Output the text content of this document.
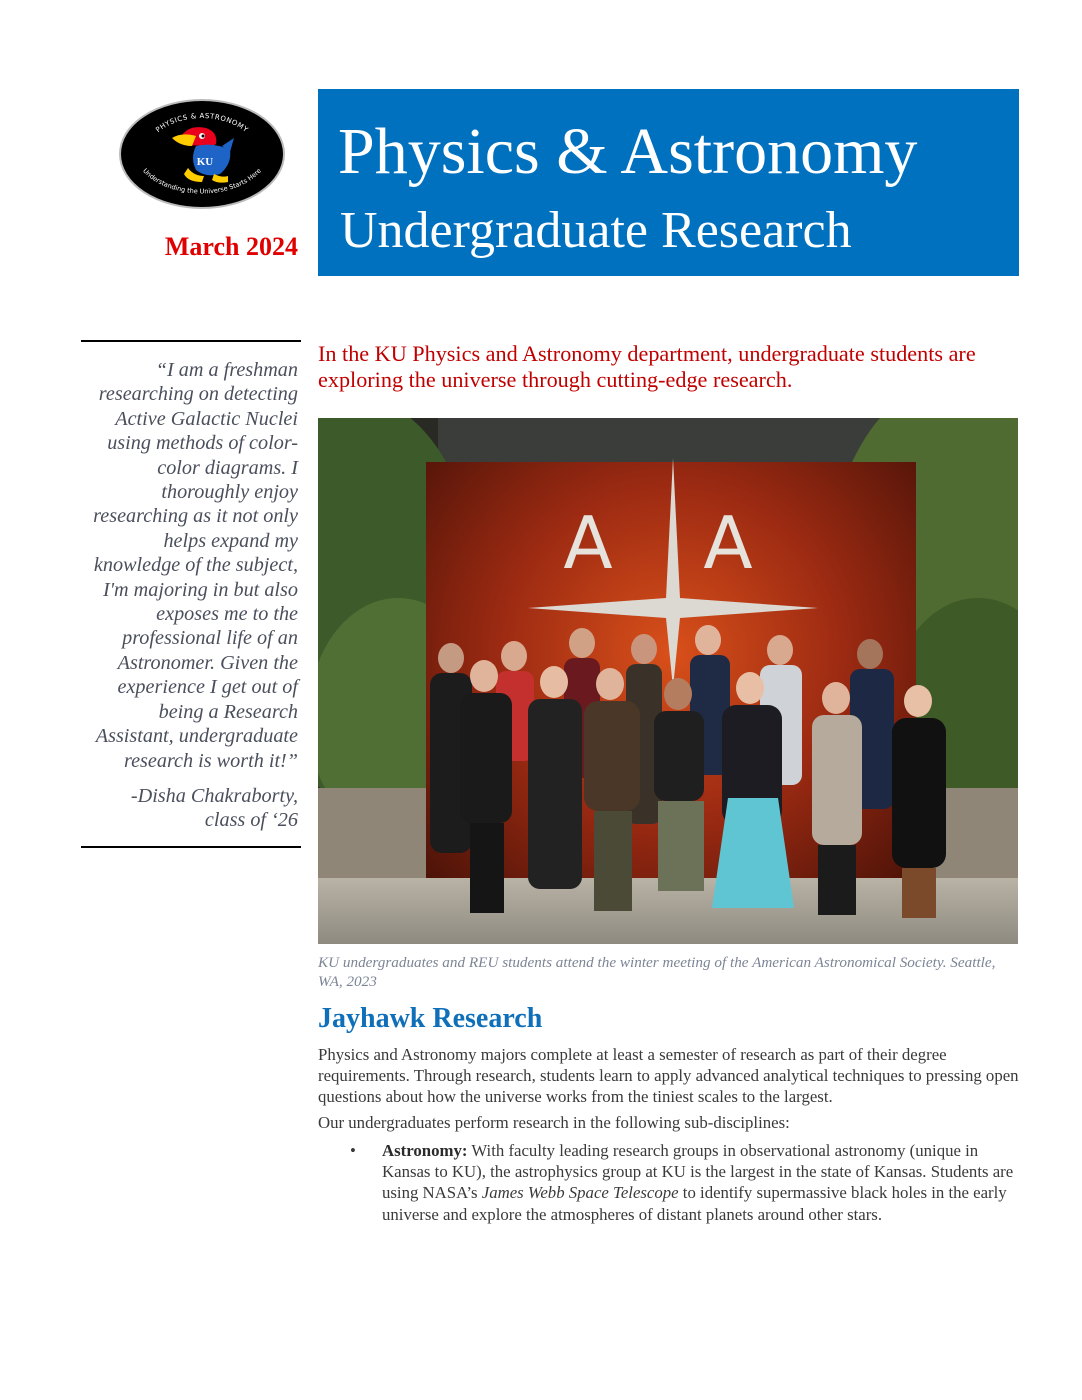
PHYSICS & ASTRONOMY
Understanding the Universe Starts Here
KU
March 2024
Physics & Astronomy
Undergraduate Research
“I am a freshman researching on detecting Active Galactic Nuclei using methods of color-color diagrams. I thoroughly enjoy researching as it not only helps expand my knowledge of the subject, I'm majoring in but also exposes me to the professional life of an Astronomer. Given the experience I get out of being a Research Assistant, undergraduate research is worth it!”
-Disha Chakraborty,
class of ‘26
In the KU Physics and Astronomy department, undergraduate students are exploring the universe through cutting-edge research.
A A
KU undergraduates and REU students attend the winter meeting of the American Astronomical Society. Seattle, WA, 2023
Jayhawk Research
Physics and Astronomy majors complete at least a semester of research as part of their degree requirements. Through research, students learn to apply advanced analytical techniques to pressing open questions about how the universe works from the tiniest scales to the largest.
Our undergraduates perform research in the following sub-disciplines:
• Astronomy: With faculty leading research groups in observational astronomy (unique in Kansas to KU), the astrophysics group at KU is the largest in the state of Kansas. Students are using NASA’s James Webb Space Telescope to identify supermassive black holes in the early universe and explore the atmospheres of distant planets around other stars.
